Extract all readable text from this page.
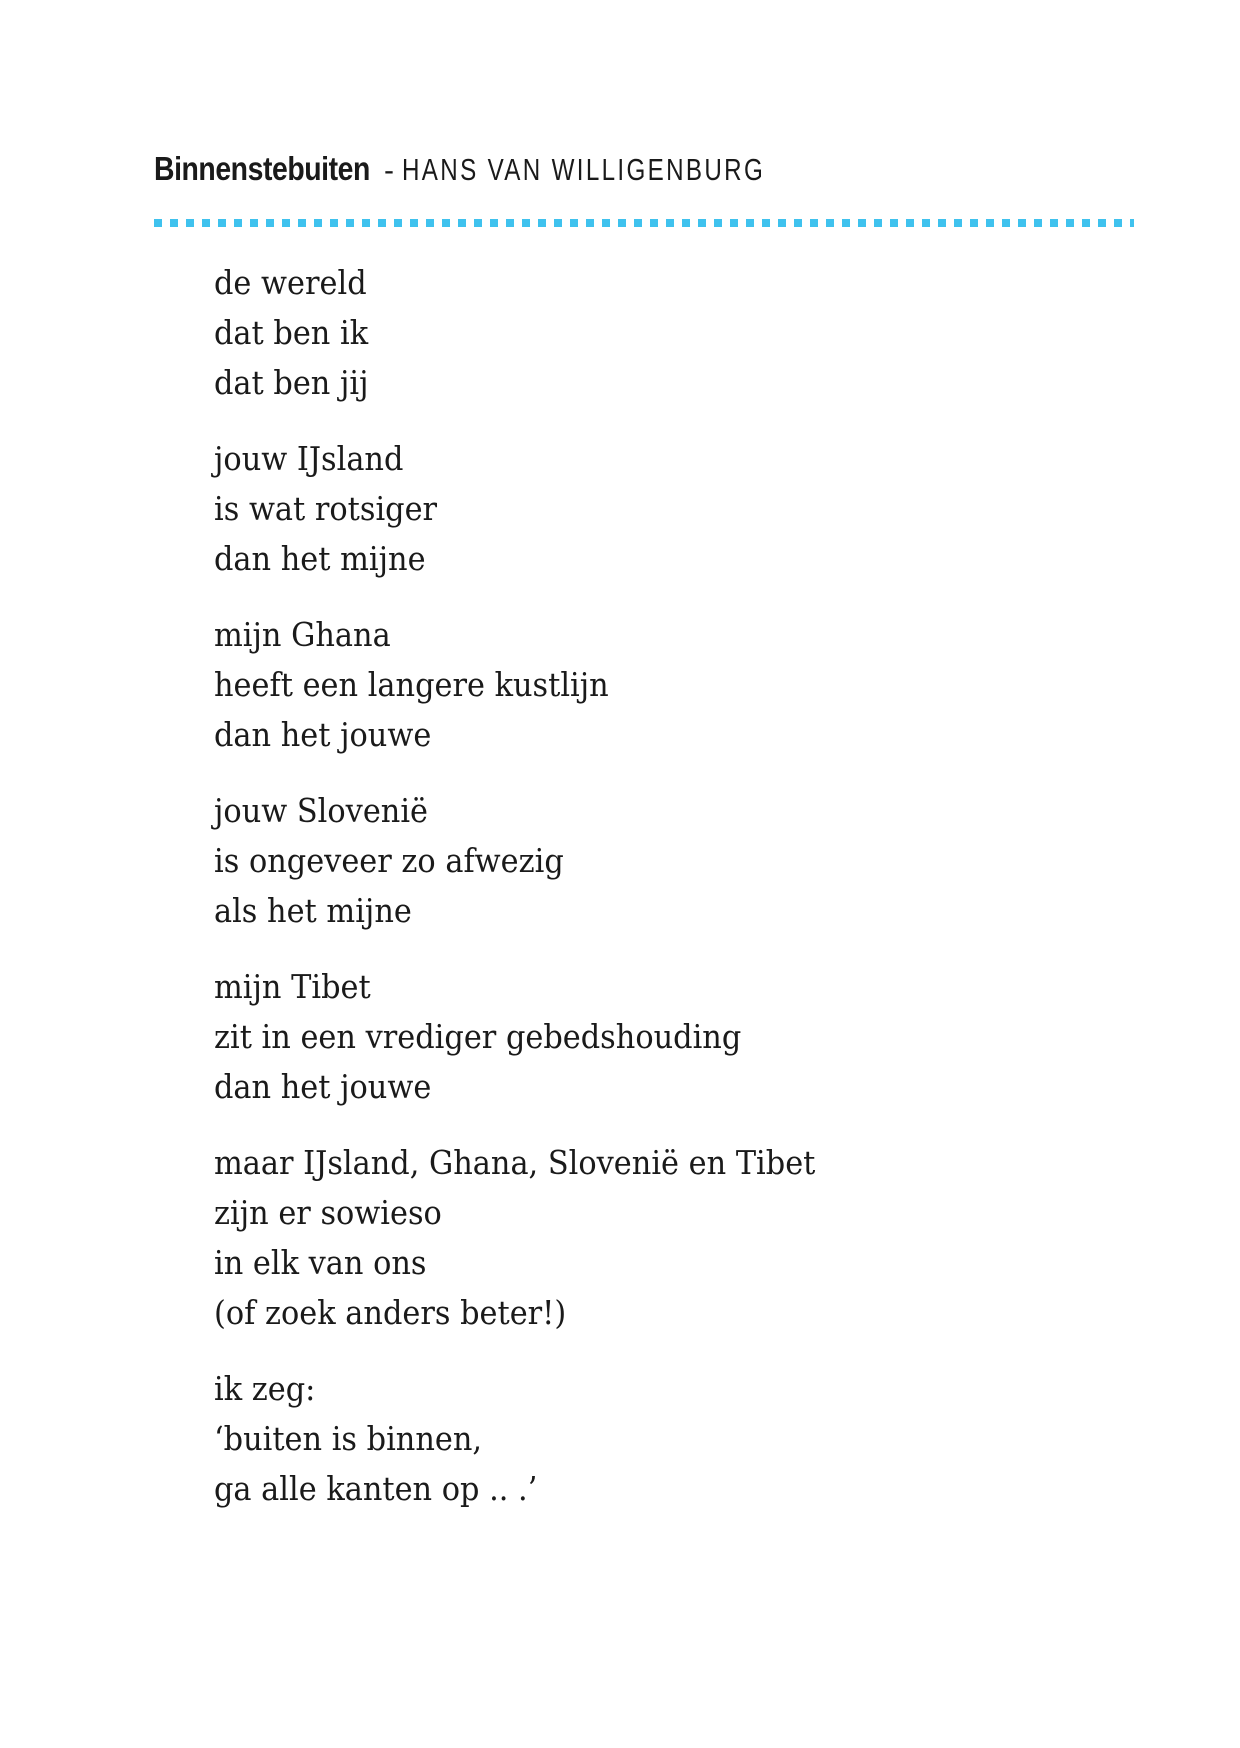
Binnenstebuiten - HANS VAN WILLIGENBURG
de wereld
dat ben ik
dat ben jij
jouw IJsland
is wat rotsiger
dan het mijne
mijn Ghana
heeft een langere kustlijn
dan het jouwe
jouw Slovenië
is ongeveer zo afwezig
als het mijne
mijn Tibet
zit in een vrediger gebedshouding
dan het jouwe
maar IJsland, Ghana, Slovenië en Tibet
zijn er sowieso
in elk van ons
(of zoek anders beter!)
ik zeg:
‘buiten is binnen,
ga alle kanten op .. .’
